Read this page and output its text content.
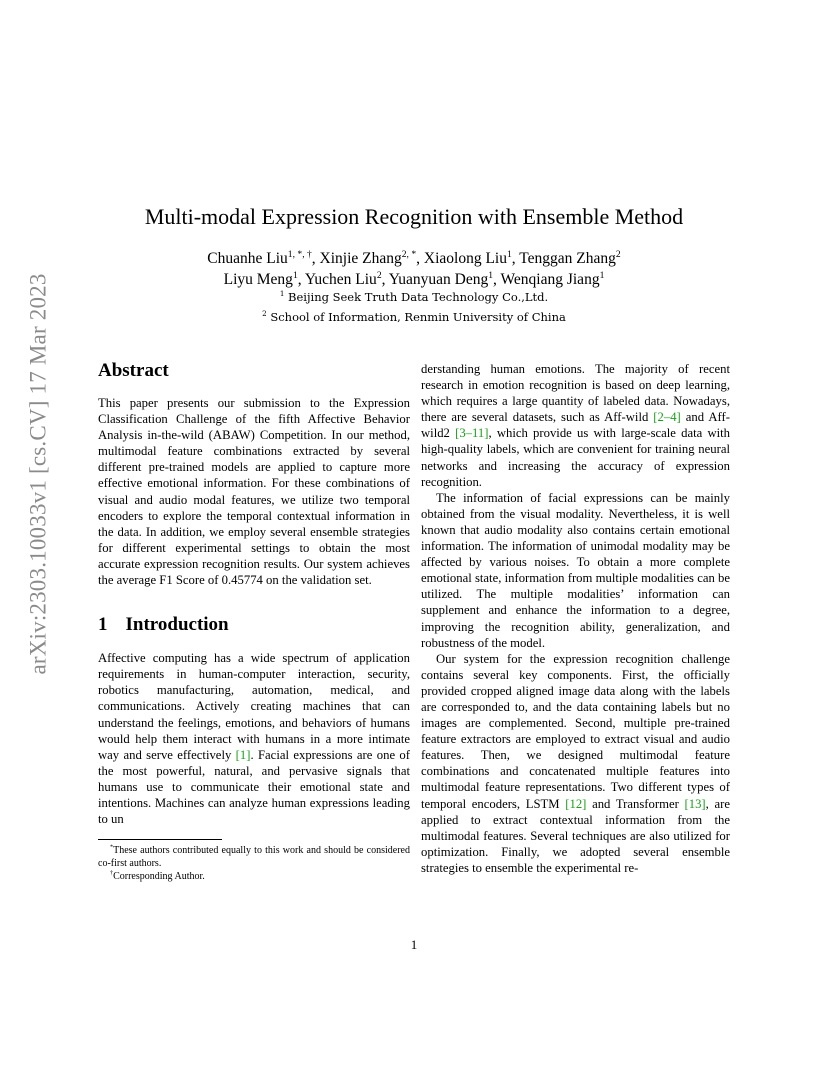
arXiv:2303.10033v1 [cs.CV] 17 Mar 2023
Multi-modal Expression Recognition with Ensemble Method
Chuanhe Liu$^{1, *, \dagger}$, Xinjie Zhang$^{2, *}$, Xiaolong Liu$^1$, Tenggan Zhang$^2$
Liyu Meng$^1$, Yuchen Liu$^2$, Yuanyuan Deng$^1$, Wenqiang Jiang$^1$
$^1$ Beijing Seek Truth Data Technology Co.,Ltd.
$^2$ School of Information, Renmin University of China
Abstract

This paper presents our submission to the Expression Classification Challenge of the fifth Affective Behavior Analysis in-the-wild (ABAW) Competition. In our method, multimodal feature combinations extracted by several different pre-trained models are applied to capture more effective emotional information. For these combinations of visual and audio modal features, we utilize two temporal encoders to explore the temporal contextual information in the data. In addition, we employ several ensemble strategies for different experimental settings to obtain the most accurate expression recognition results. Our system achieves the average F1 Score of 0.45774 on the validation set.

1 Introduction

Affective computing has a wide spectrum of application requirements in human-computer interaction, security, robotics manufacturing, automation, medical, and communications. Actively creating machines that can understand the feelings, emotions, and behaviors of humans would help them interact with humans in a more intimate way and serve effectively [1]. Facial expressions are one of the most powerful, natural, and pervasive signals that humans use to communicate their emotional state and intentions. Machines can analyze human expressions leading to un

*These authors contributed equally to this work and should be considered co-first authors.

†Corresponding Author.

derstanding human emotions. The majority of recent research in emotion recognition is based on deep learning, which requires a large quantity of labeled data. Nowadays, there are several datasets, such as Aff-wild [2–4] and Aff-wild2 [3–11], which provide us with large-scale data with high-quality labels, which are convenient for training neural networks and increasing the accuracy of expression recognition.

The information of facial expressions can be mainly obtained from the visual modality. Nevertheless, it is well known that audio modality also contains certain emotional information. The information of unimodal modality may be affected by various noises. To obtain a more complete emotional state, information from multiple modalities can be utilized. The multiple modalities’ information can supplement and enhance the information to a degree, improving the recognition ability, generalization, and robustness of the model.

Our system for the expression recognition challenge contains several key components. First, the officially provided cropped aligned image data along with the labels are corresponded to, and the data containing labels but no images are complemented. Second, multiple pre-trained feature extractors are employed to extract visual and audio features. Then, we designed multimodal feature combinations and concatenated multiple features into multimodal feature representations. Two different types of temporal encoders, LSTM [12] and Transformer [13], are applied to extract contextual information from the multimodal features. Several techniques are also utilized for optimization. Finally, we adopted several ensemble strategies to ensemble the experimental re-

1
